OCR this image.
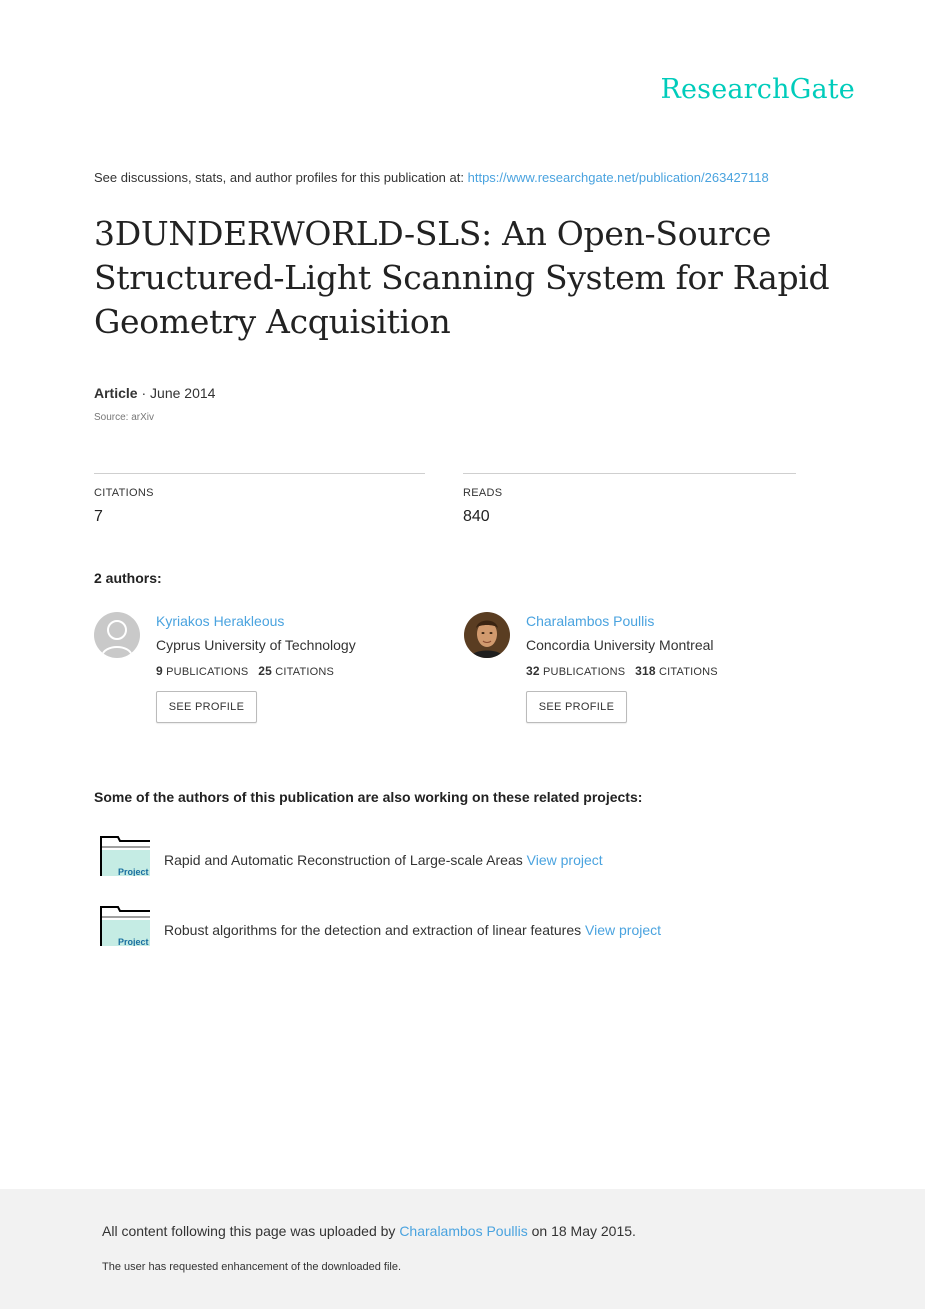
ResearchGate
See discussions, stats, and author profiles for this publication at: https://www.researchgate.net/publication/263427118
3DUNDERWORLD-SLS: An Open-Source Structured-Light Scanning System for Rapid Geometry Acquisition
Article · June 2014
Source: arXiv
CITATIONS
7
READS
840
2 authors:
Kyriakos Herakleous
Cyprus University of Technology
9 PUBLICATIONS 25 CITATIONS
SEE PROFILE
Charalambos Poullis
Concordia University Montreal
32 PUBLICATIONS 318 CITATIONS
SEE PROFILE
Some of the authors of this publication are also working on these related projects:
Project
Rapid and Automatic Reconstruction of Large-scale Areas View project
Project
Robust algorithms for the detection and extraction of linear features View project
All content following this page was uploaded by Charalambos Poullis on 18 May 2015.
The user has requested enhancement of the downloaded file.
